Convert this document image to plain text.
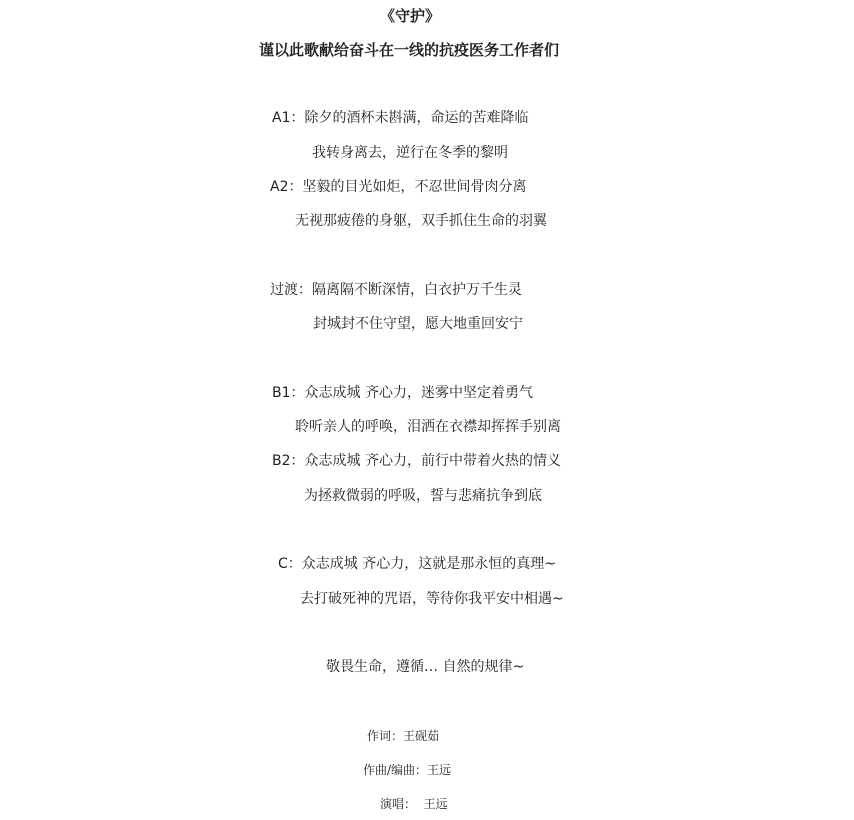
《守护》
谨以此歌献给奋斗在一线的抗疫医务工作者们
A1：除夕的酒杯未斟满，命运的苦难降临
我转身离去，逆行在冬季的黎明
A2：坚毅的目光如炬，不忍世间骨肉分离
无视那疲倦的身躯，双手抓住生命的羽翼
过渡：隔离隔不断深情，白衣护万千生灵
封城封不住守望，愿大地重回安宁
B1：众志成城 齐心力，迷雾中坚定着勇气
聆听亲人的呼唤，泪洒在衣襟却挥挥手别离
B2：众志成城 齐心力，前行中带着火热的情义
为拯救微弱的呼吸，誓与悲痛抗争到底
C：众志成城 齐心力，这就是那永恒的真理~
去打破死神的咒语，等待你我平安中相遇~
敬畏生命，遵循… 自然的规律~
作词：王砚茹
作曲/编曲：王远
演唱：  王远
